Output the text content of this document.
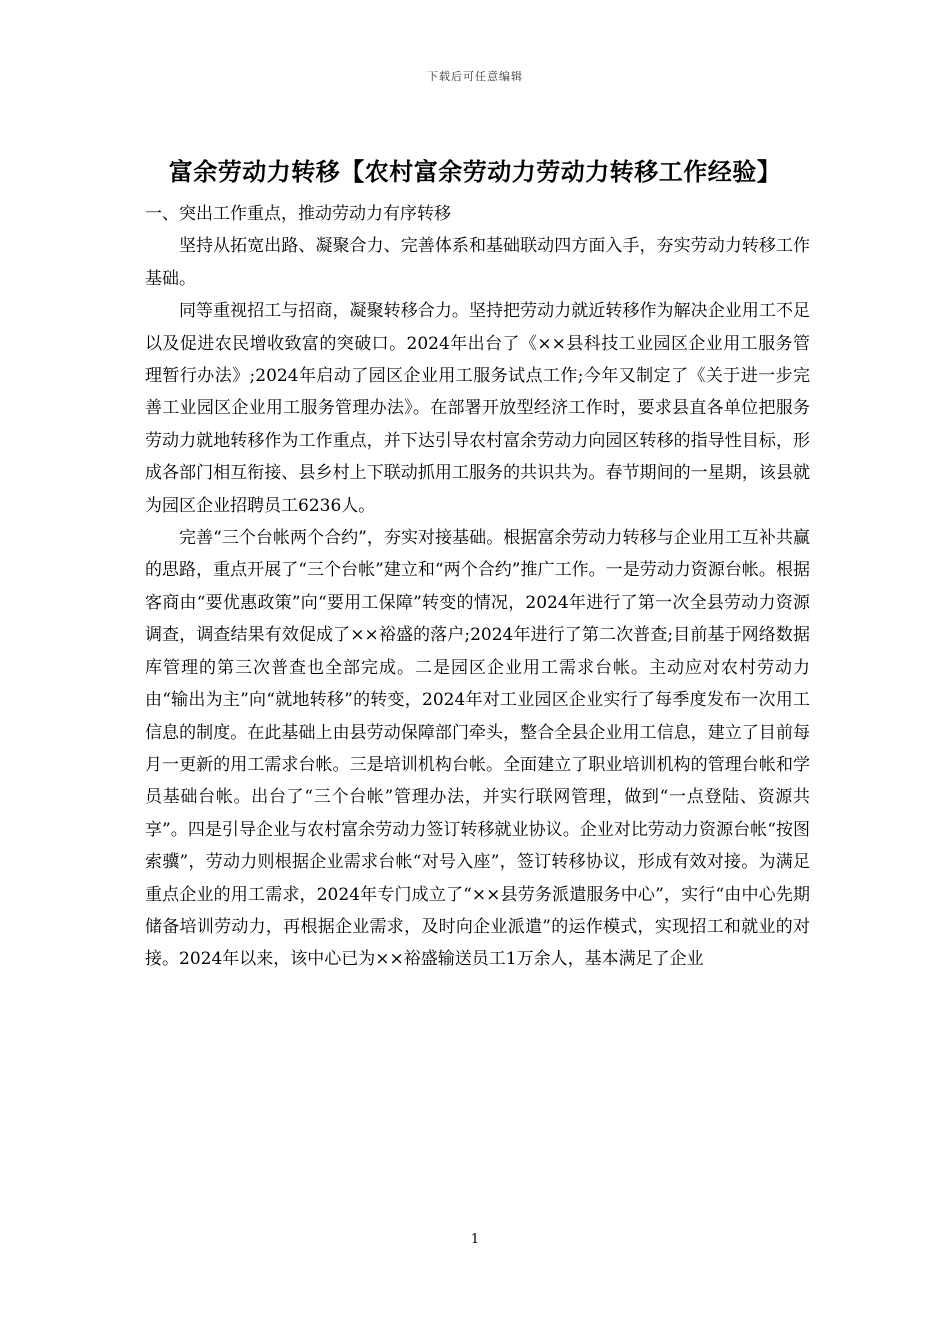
下载后可任意编辑
富余劳动力转移【农村富余劳动力劳动力转移工作经验】

一、突出工作重点，推动劳动力有序转移

坚持从拓宽出路、凝聚合力、完善体系和基础联动四方面入手，夯实劳动力转移工作基础。

同等重视招工与招商，凝聚转移合力。坚持把劳动力就近转移作为解决企业用工不足以及促进农民增收致富的突破口。2024年出台了《××县科技工业园区企业用工服务管理暂行办法》;2024年启动了园区企业用工服务试点工作;今年又制定了《关于进一步完善工业园区企业用工服务管理办法》。在部署开放型经济工作时，要求县直各单位把服务劳动力就地转移作为工作重点，并下达引导农村富余劳动力向园区转移的指导性目标，形成各部门相互衔接、县乡村上下联动抓用工服务的共识共为。春节期间的一星期，该县就为园区企业招聘员工6236人。

完善“三个台帐两个合约”，夯实对接基础。根据富余劳动力转移与企业用工互补共赢的思路，重点开展了“三个台帐”建立和“两个合约”推广工作。一是劳动力资源台帐。根据客商由“要优惠政策”向“要用工保障”转变的情况，2024年进行了第一次全县劳动力资源调查，调查结果有效促成了××裕盛的落户;2024年进行了第二次普查;目前基于网络数据库管理的第三次普查也全部完成。二是园区企业用工需求台帐。主动应对农村劳动力由“输出为主”向“就地转移”的转变，2024年对工业园区企业实行了每季度发布一次用工信息的制度。在此基础上由县劳动保障部门牵头，整合全县企业用工信息，建立了目前每月一更新的用工需求台帐。三是培训机构台帐。全面建立了职业培训机构的管理台帐和学员基础台帐。出台了“三个台帐”管理办法，并实行联网管理，做到“一点登陆、资源共享”。四是引导企业与农村富余劳动力签订转移就业协议。企业对比劳动力资源台帐“按图索骥”，劳动力则根据企业需求台帐“对号入座”，签订转移协议，形成有效对接。为满足重点企业的用工需求，2024年专门成立了“××县劳务派遣服务中心”，实行“由中心先期储备培训劳动力，再根据企业需求，及时向企业派遣”的运作模式，实现招工和就业的对接。2024年以来，该中心已为××裕盛输送员工1万余人，基本满足了企业

1
